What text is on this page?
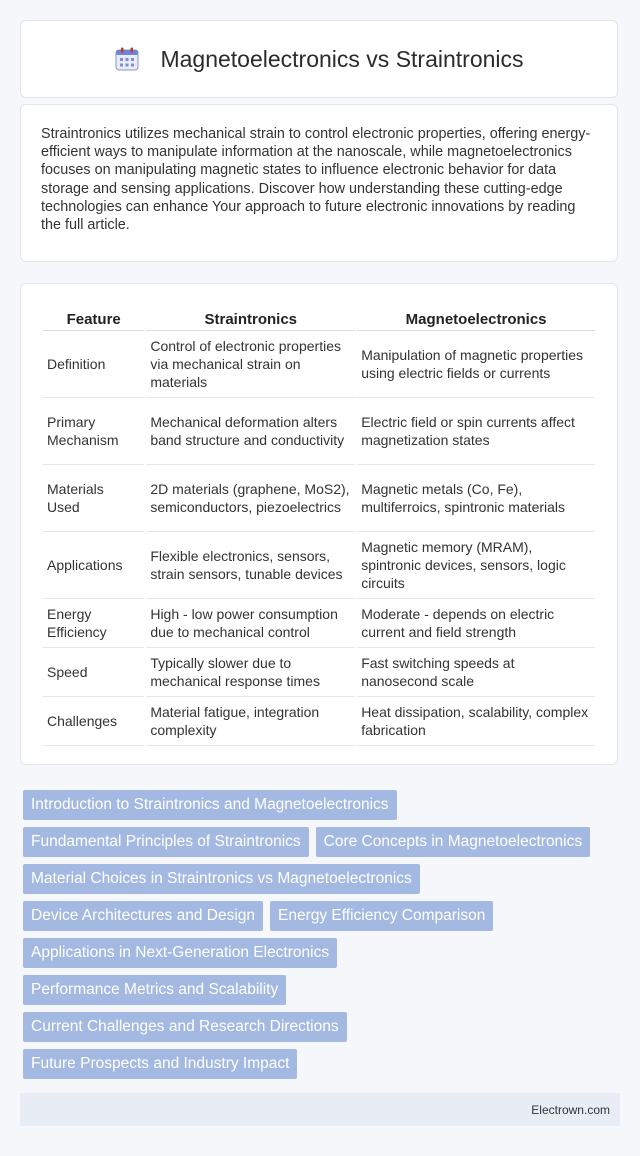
Magnetoelectronics vs Straintronics

Straintronics utilizes mechanical strain to control electronic properties, offering energy-efficient ways to manipulate information at the nanoscale, while magnetoelectronics focuses on manipulating magnetic states to influence electronic behavior for data storage and sensing applications. Discover how understanding these cutting-edge technologies can enhance Your approach to future electronic innovations by reading the full article.

Feature	Straintronics	Magnetoelectronics
Definition	Control of electronic properties via mechanical strain on materials	Manipulation of magnetic properties using electric fields or currents
Primary Mechanism	Mechanical deformation alters band structure and conductivity	Electric field or spin currents affect magnetization states
Materials Used	2D materials (graphene, MoS2), semiconductors, piezoelectrics	Magnetic metals (Co, Fe), multiferroics, spintronic materials
Applications	Flexible electronics, sensors, strain sensors, tunable devices	Magnetic memory (MRAM), spintronic devices, sensors, logic circuits
Energy Efficiency	High - low power consumption due to mechanical control	Moderate - depends on electric current and field strength
Speed	Typically slower due to mechanical response times	Fast switching speeds at nanosecond scale
Challenges	Material fatigue, integration complexity	Heat dissipation, scalability, complex fabrication
Introduction to Straintronics and Magnetoelectronics
Fundamental Principles of Straintronics	Core Concepts in Magnetoelectronics
Material Choices in Straintronics vs Magnetoelectronics
Device Architectures and Design	Energy Efficiency Comparison
Applications in Next-Generation Electronics
Performance Metrics and Scalability
Current Challenges and Research Directions
Future Prospects and Industry Impact
Electrown.com
